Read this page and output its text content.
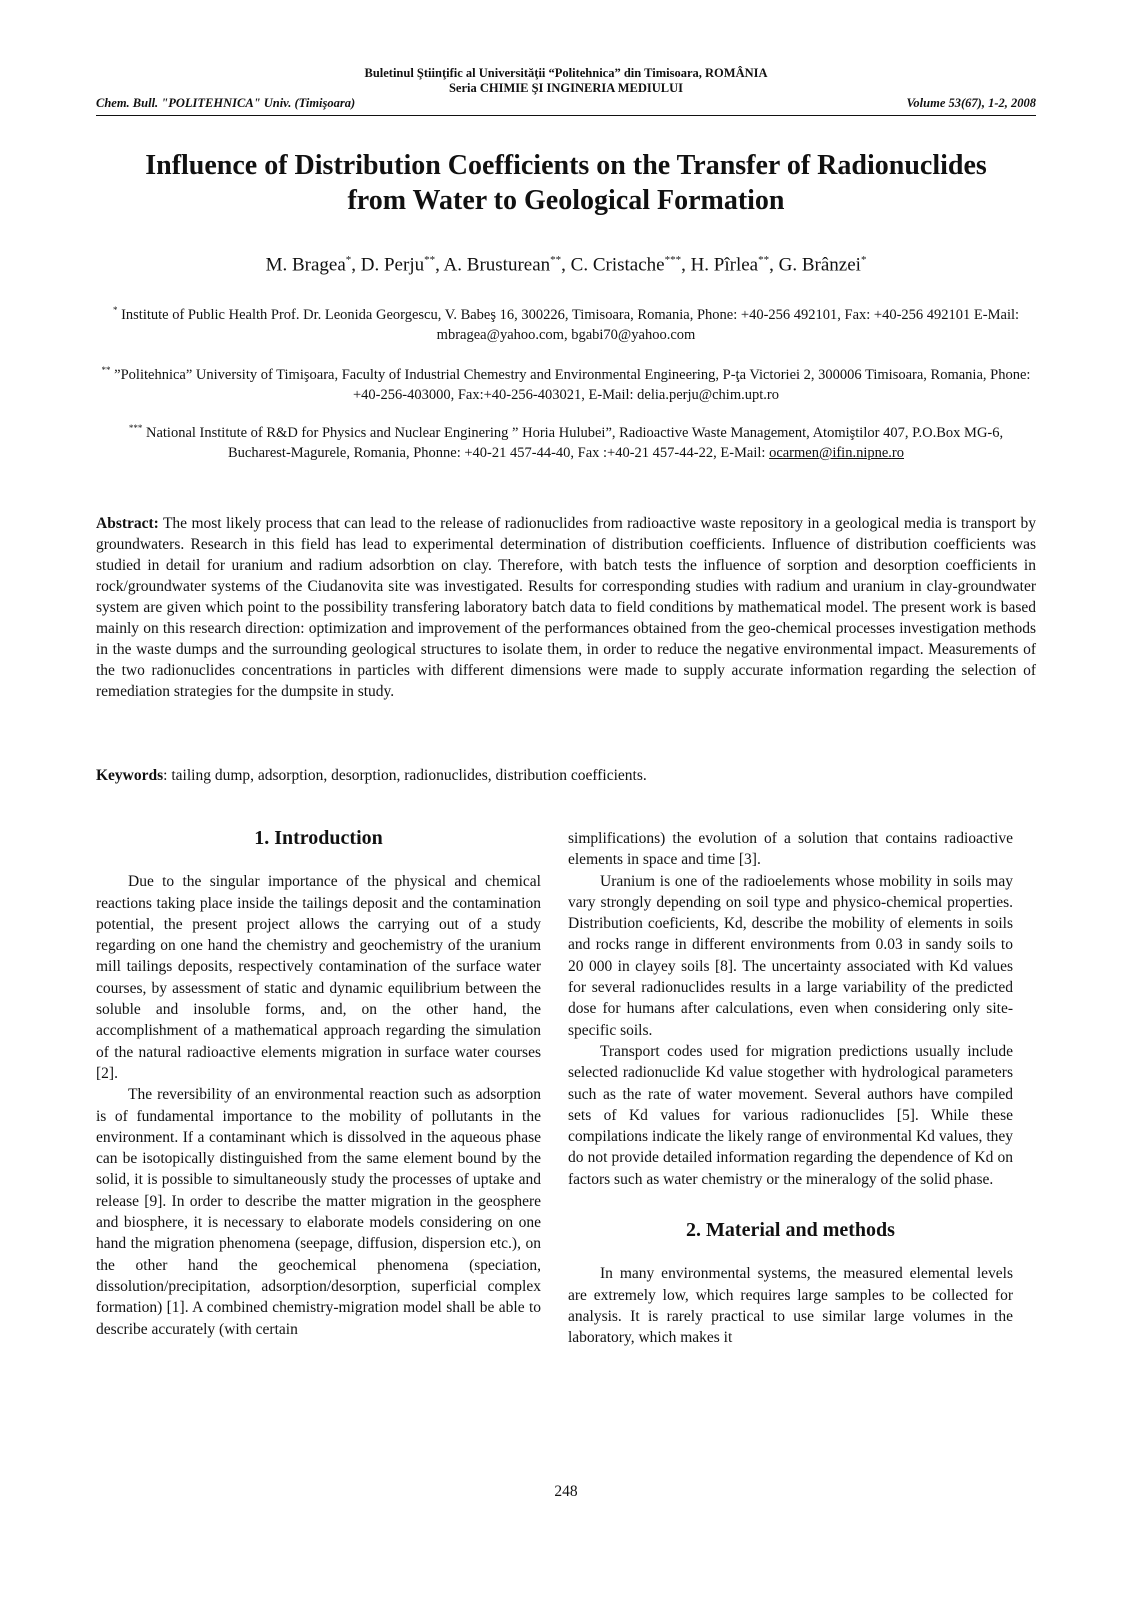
Buletinul Ştiinţific al Universităţii “Politehnica” din Timisoara, ROMÂNIA
Seria CHIMIE ŞI INGINERIA MEDIULUI
Chem. Bull. "POLITEHNICA" Univ. (Timişoara)	Volume 53(67), 1-2, 2008
Influence of Distribution Coefficients on the Transfer of Radionuclides
from Water to Geological Formation
M. Bragea*, D. Perju**, A. Brusturean**, C. Cristache***, H. Pîrlea**, G. Brânzei*
* Institute of Public Health Prof. Dr. Leonida Georgescu, V. Babeş 16, 300226, Timisoara, Romania, Phone: +40-256 492101, Fax: +40-256 492101 E-Mail: mbragea@yahoo.com, bgabi70@yahoo.com
** ”Politehnica” University of Timişoara, Faculty of Industrial Chemestry and Environmental Engineering, P-ţa Victoriei 2, 300006 Timisoara, Romania, Phone: +40-256-403000, Fax:+40-256-403021, E-Mail: delia.perju@chim.upt.ro
*** National Institute of R&D for Physics and Nuclear Enginering ” Horia Hulubei”, Radioactive Waste Management, Atomiştilor 407, P.O.Box MG-6, Bucharest-Magurele, Romania, Phonne: +40-21 457-44-40, Fax :+40-21 457-44-22, E-Mail: ocarmen@ifin.nipne.ro
Abstract: The most likely process that can lead to the release of radionuclides from radioactive waste repository in a geological media is transport by groundwaters. Research in this field has lead to experimental determination of distribution coefficients. Influence of distribution coefficients was studied in detail for uranium and radium adsorbtion on clay. Therefore, with batch tests the influence of sorption and desorption coefficients in rock/groundwater systems of the Ciudanovita site was investigated. Results for corresponding studies with radium and uranium in clay-groundwater system are given which point to the possibility transfering laboratory batch data to field conditions by mathematical model. The present work is based mainly on this research direction: optimization and improvement of the performances obtained from the geo-chemical processes investigation methods in the waste dumps and the surrounding geological structures to isolate them, in order to reduce the negative environmental impact. Measurements of the two radionuclides concentrations in particles with different dimensions were made to supply accurate information regarding the selection of remediation strategies for the dumpsite in study.
Keywords: tailing dump, adsorption, desorption, radionuclides, distribution coefficients.
1. Introduction

Due to the singular importance of the physical and chemical reactions taking place inside the tailings deposit and the contamination potential, the present project allows the carrying out of a study regarding on one hand the chemistry and geochemistry of the uranium mill tailings deposits, respectively contamination of the surface water courses, by assessment of static and dynamic equilibrium between the soluble and insoluble forms, and, on the other hand, the accomplishment of a mathematical approach regarding the simulation of the natural radioactive elements migration in surface water courses [2].

The reversibility of an environmental reaction such as adsorption is of fundamental importance to the mobility of pollutants in the environment. If a contaminant which is dissolved in the aqueous phase can be isotopically distinguished from the same element bound by the solid, it is possible to simultaneously study the processes of uptake and release [9]. In order to describe the matter migration in the geosphere and biosphere, it is necessary to elaborate models considering on one hand the migration phenomena (seepage, diffusion, dispersion etc.), on the other hand the geochemical phenomena (speciation, dissolution/precipitation, adsorption/desorption, superficial complex formation) [1]. A combined chemistry-migration model shall be able to describe accurately (with certain

simplifications) the evolution of a solution that contains radioactive elements in space and time [3].

Uranium is one of the radioelements whose mobility in soils may vary strongly depending on soil type and physico-chemical properties. Distribution coeficients, Kd, describe the mobility of elements in soils and rocks range in different environments from 0.03 in sandy soils to 20 000 in clayey soils [8]. The uncertainty associated with Kd values for several radionuclides results in a large variability of the predicted dose for humans after calculations, even when considering only site-specific soils.

Transport codes used for migration predictions usually include selected radionuclide Kd value stogether with hydrological parameters such as the rate of water movement. Several authors have compiled sets of Kd values for various radionuclides [5]. While these compilations indicate the likely range of environmental Kd values, they do not provide detailed information regarding the dependence of Kd on factors such as water chemistry or the mineralogy of the solid phase.

2. Material and methods

In many environmental systems, the measured elemental levels are extremely low, which requires large samples to be collected for analysis. It is rarely practical to use similar large volumes in the laboratory, which makes it

248
